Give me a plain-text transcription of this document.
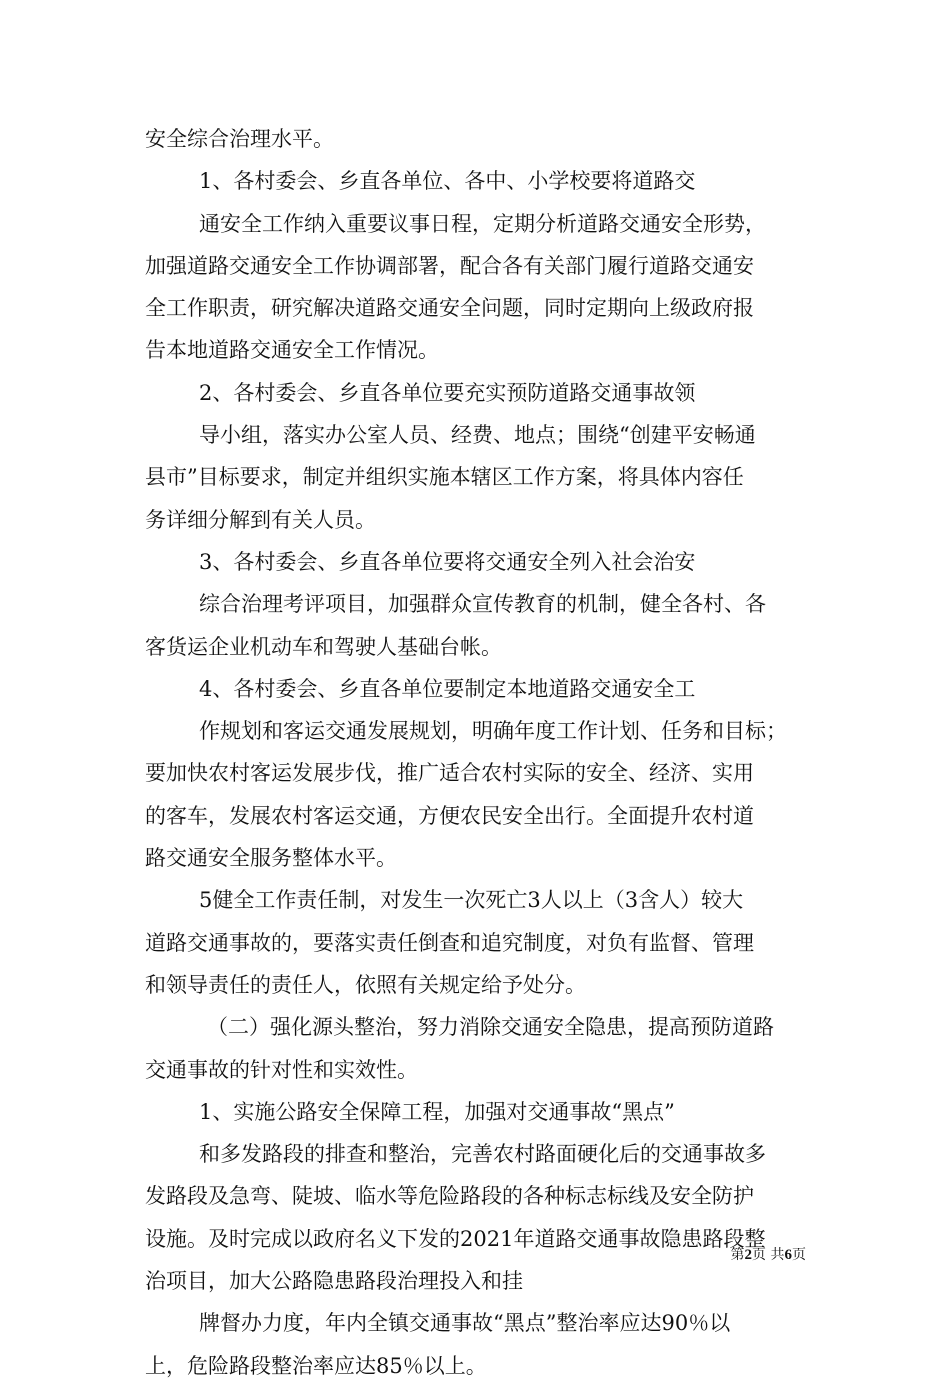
安全综合治理水平。
1、各村委会、乡直各单位、各中、小学校要将道路交
通安全工作纳入重要议事日程，定期分析道路交通安全形势，
加强道路交通安全工作协调部署，配合各有关部门履行道路交通安
全工作职责，研究解决道路交通安全问题，同时定期向上级政府报
告本地道路交通安全工作情况。
2、各村委会、乡直各单位要充实预防道路交通事故领
导小组，落实办公室人员、经费、地点；围绕“创建平安畅通
县市”目标要求，制定并组织实施本辖区工作方案，将具体内容任
务详细分解到有关人员。
3、各村委会、乡直各单位要将交通安全列入社会治安
综合治理考评项目，加强群众宣传教育的机制，健全各村、各
客货运企业机动车和驾驶人基础台帐。
4、各村委会、乡直各单位要制定本地道路交通安全工
作规划和客运交通发展规划，明确年度工作计划、任务和目标；
要加快农村客运发展步伐，推广适合农村实际的安全、经济、实用
的客车，发展农村客运交通，方便农民安全出行。全面提升农村道
路交通安全服务整体水平。
5健全工作责任制，对发生一次死亡3人以上（3含人）较大
道路交通事故的，要落实责任倒查和追究制度，对负有监督、管理
和领导责任的责任人，依照有关规定给予处分。
（二）强化源头整治，努力消除交通安全隐患，提高预防道路
交通事故的针对性和实效性。
1、实施公路安全保障工程，加强对交通事故“黑点”
和多发路段的排查和整治，完善农村路面硬化后的交通事故多
发路段及急弯、陡坡、临水等危险路段的各种标志标线及安全防护
设施。及时完成以政府名义下发的2021年道路交通事故隐患路段整
治项目，加大公路隐患路段治理投入和挂
牌督办力度，年内全镇交通事故“黑点”整治率应达90％以
上，危险路段整治率应达85％以上。
第2页 共6页
